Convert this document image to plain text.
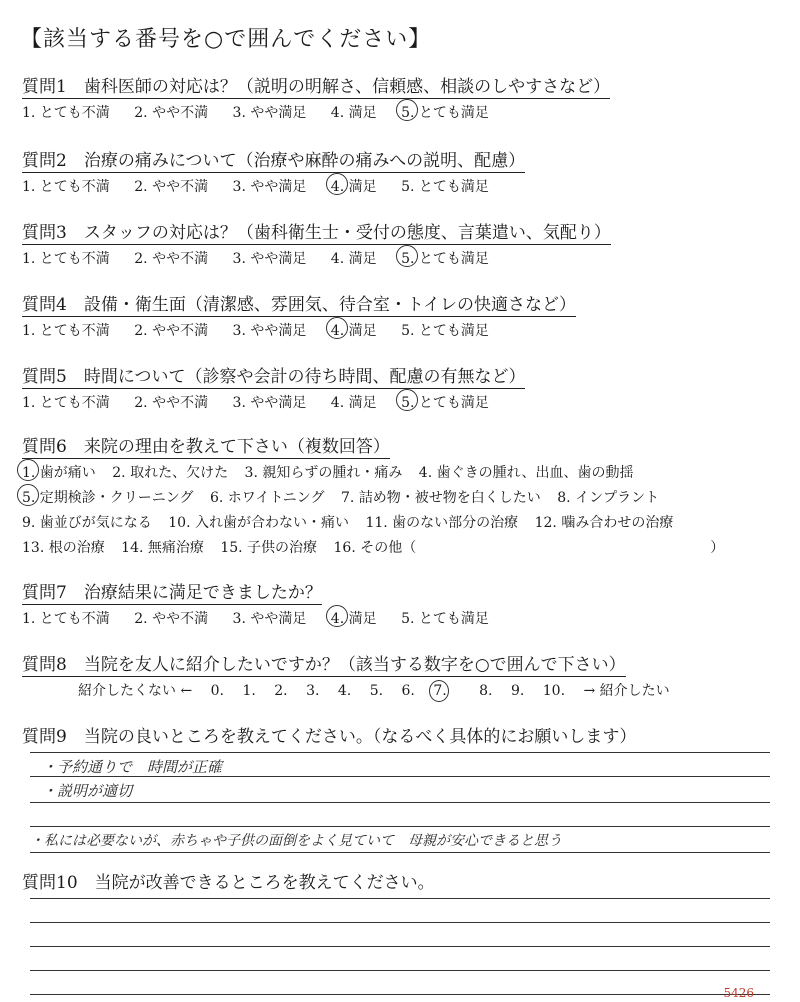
【該当する番号を○で囲んでください】
質問1　歯科医師の対応は？（説明の明解さ、信頼感、相談のしやすさなど）
1. とても不満 2. やや不満 3. やや満足 4. 満足 5. とても満足
質問2　治療の痛みについて（治療や麻酔の痛みへの説明、配慮）
1. とても不満 2. やや不満 3. やや満足 4. 満足 5. とても満足
質問3　スタッフの対応は？（歯科衛生士・受付の態度、言葉遣い、気配り）
1. とても不満 2. やや不満 3. やや満足 4. 満足 5. とても満足
質問4　設備・衛生面（清潔感、雰囲気、待合室・トイレの快適さなど）
1. とても不満 2. やや不満 3. やや満足 4. 満足 5. とても満足
質問5　時間について（診察や会計の待ち時間、配慮の有無など）
1. とても不満 2. やや不満 3. やや満足 4. 満足 5. とても満足
質問6　来院の理由を教えて下さい（複数回答）
1. 歯が痛い 2. 取れた、欠けた 3. 親知らずの腫れ・痛み 4. 歯ぐきの腫れ、出血、歯の動揺
5. 定期検診・クリーニング 6. ホワイトニング 7. 詰め物・被せ物を白くしたい 8. インプラント
9. 歯並びが気になる 10. 入れ歯が合わない・痛い 11. 歯のない部分の治療 12. 噛み合わせの治療
13. 根の治療 14. 無痛治療 15. 子供の治療 16. その他（　　　　　　　　　　　　　　　　　　　　　）
質問7　治療結果に満足できましたか？
1. とても不満 2. やや不満 3. やや満足 4. 満足 5. とても満足
質問8　当院を友人に紹介したいですか？（該当する数字を○で囲んで下さい）
紹介したくない ← 0. 1. 2. 3. 4. 5. 6. 7. 8. 9. 10. → 紹介したい
質問9　当院の良いところを教えてください。（なるべく具体的にお願いします）
・予約通りで　時間が正確
・説明が適切
・私には必要ないが、赤ちゃや子供の面倒をよく見ていて　母親が安心できると思う
質問10　当院が改善できるところを教えてください。
5426
